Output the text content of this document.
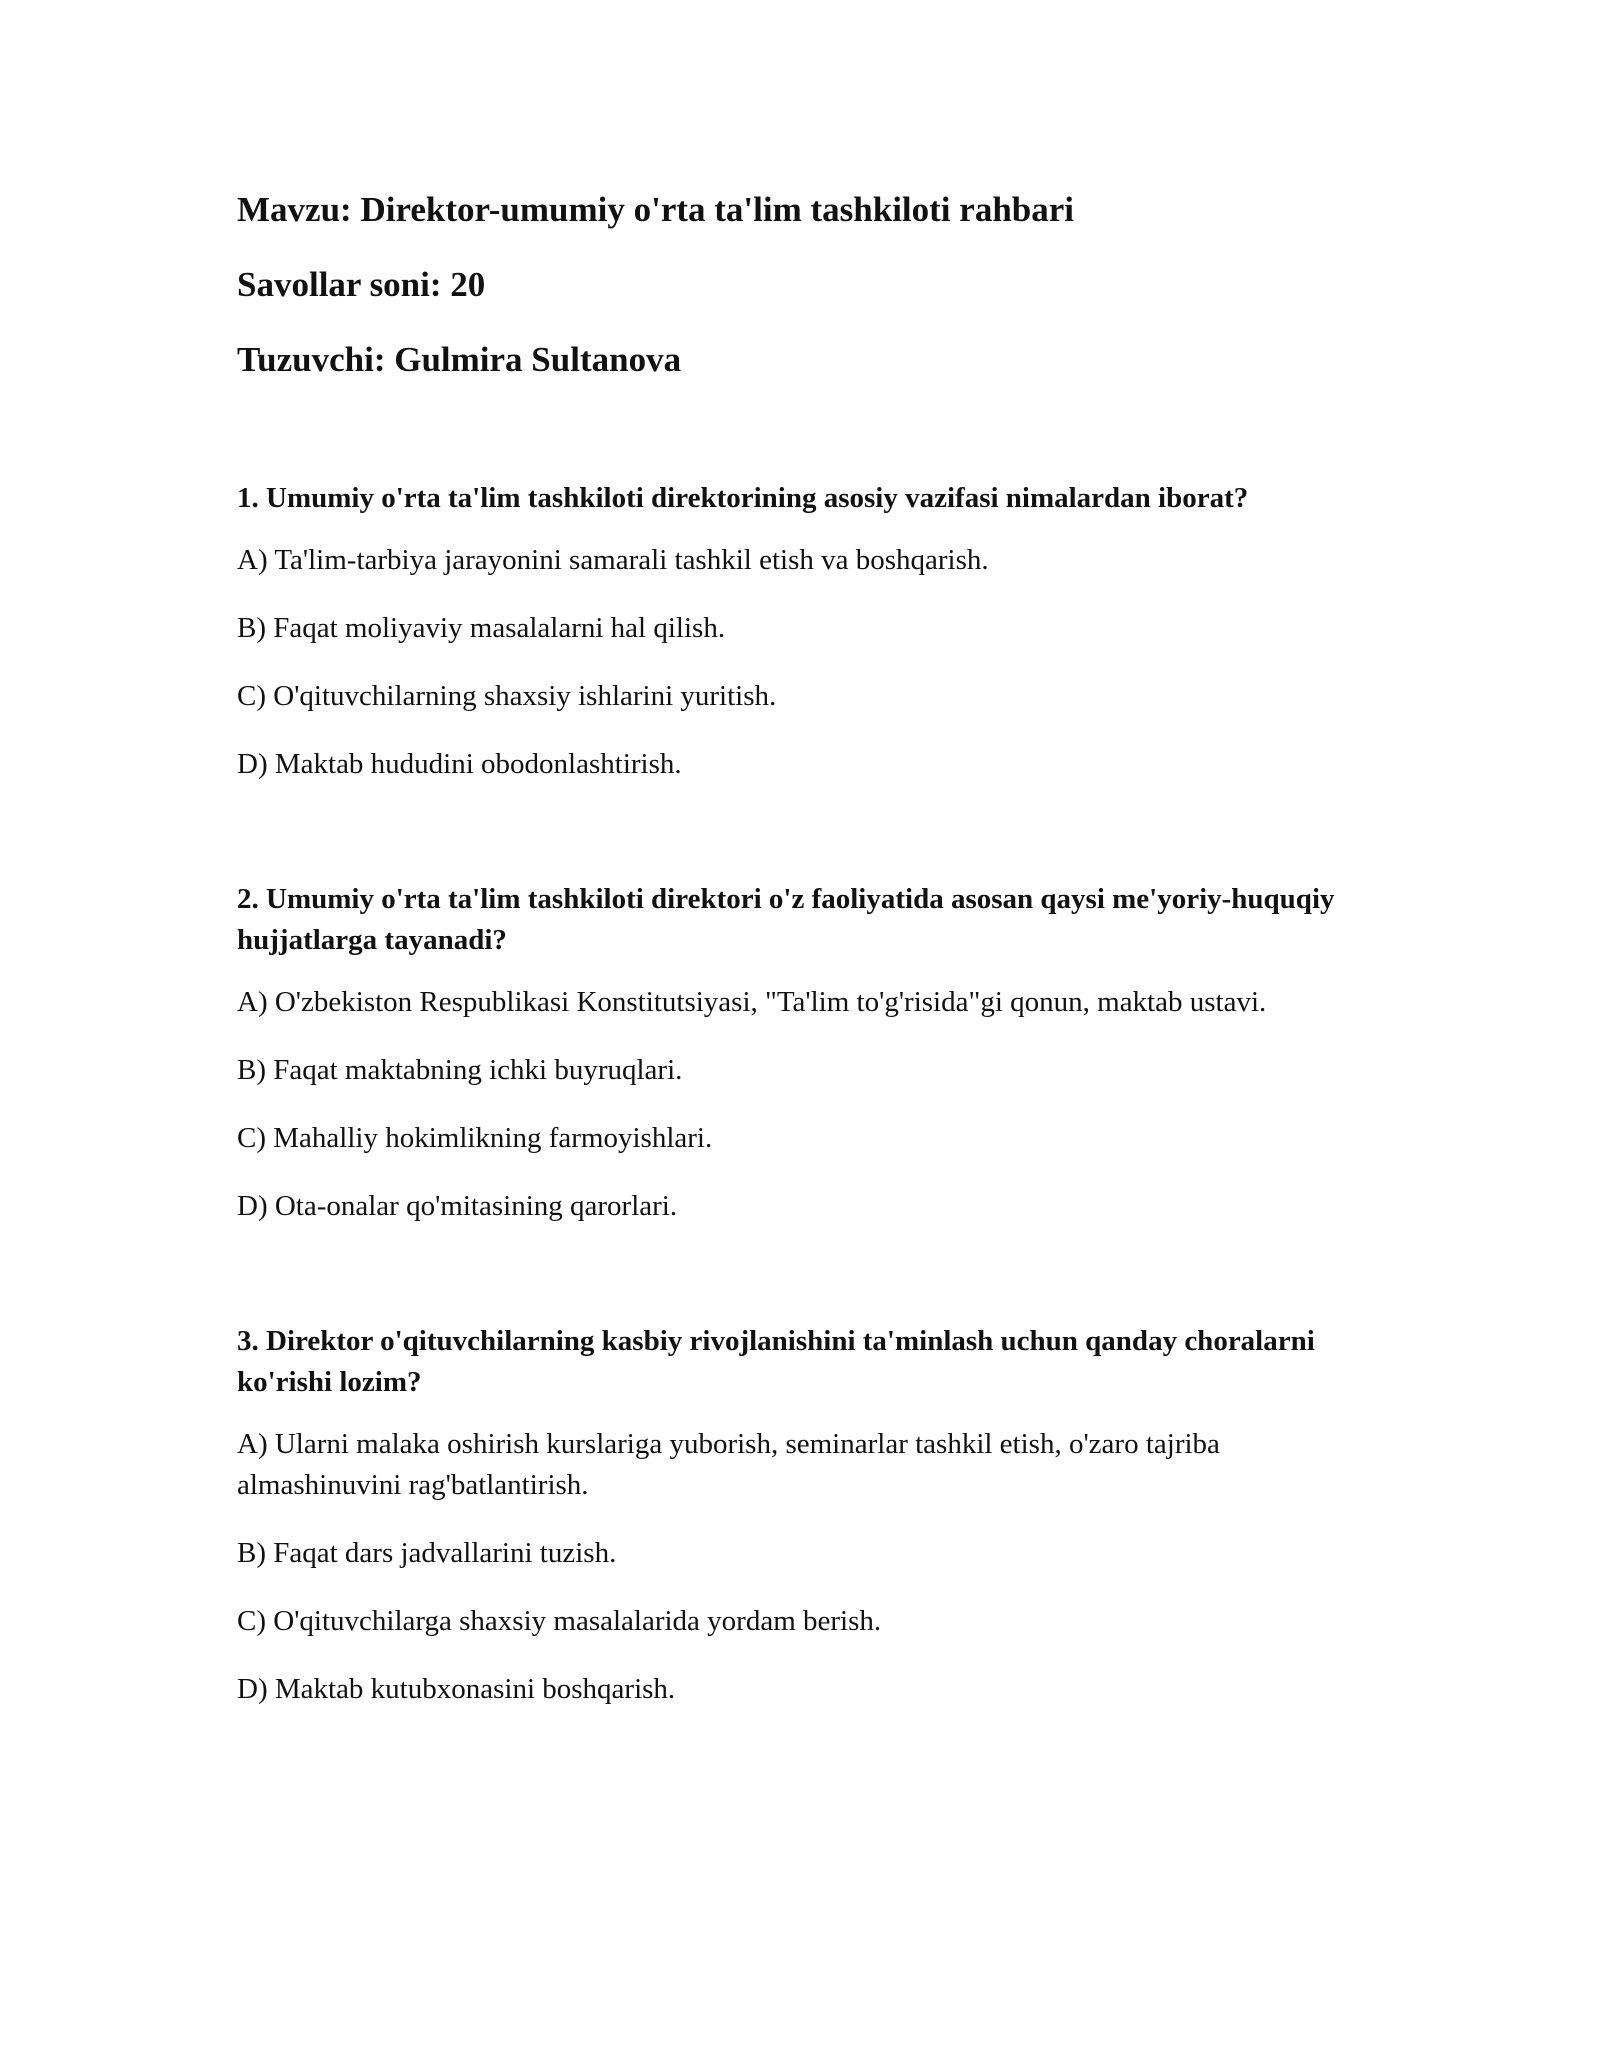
Mavzu: Direktor-umumiy o'rta ta'lim tashkiloti rahbari
Savollar soni: 20
Tuzuvchi: Gulmira Sultanova
1. Umumiy o'rta ta'lim tashkiloti direktorining asosiy vazifasi nimalardan iborat?
A) Ta'lim-tarbiya jarayonini samarali tashkil etish va boshqarish.
B) Faqat moliyaviy masalalarni hal qilish.
C) O'qituvchilarning shaxsiy ishlarini yuritish.
D) Maktab hududini obodonlashtirish.
2. Umumiy o'rta ta'lim tashkiloti direktori o'z faoliyatida asosan qaysi me'yoriy-huquqiy hujjatlarga tayanadi?
A) O'zbekiston Respublikasi Konstitutsiyasi, "Ta'lim to'g'risida"gi qonun, maktab ustavi.
B) Faqat maktabning ichki buyruqlari.
C) Mahalliy hokimlikning farmoyishlari.
D) Ota-onalar qo'mitasining qarorlari.
3. Direktor o'qituvchilarning kasbiy rivojlanishini ta'minlash uchun qanday choralarni ko'rishi lozim?
A) Ularni malaka oshirish kurslariga yuborish, seminarlar tashkil etish, o'zaro tajriba almashinuvini rag'batlantirish.
B) Faqat dars jadvallarini tuzish.
C) O'qituvchilarga shaxsiy masalalarida yordam berish.
D) Maktab kutubxonasini boshqarish.
